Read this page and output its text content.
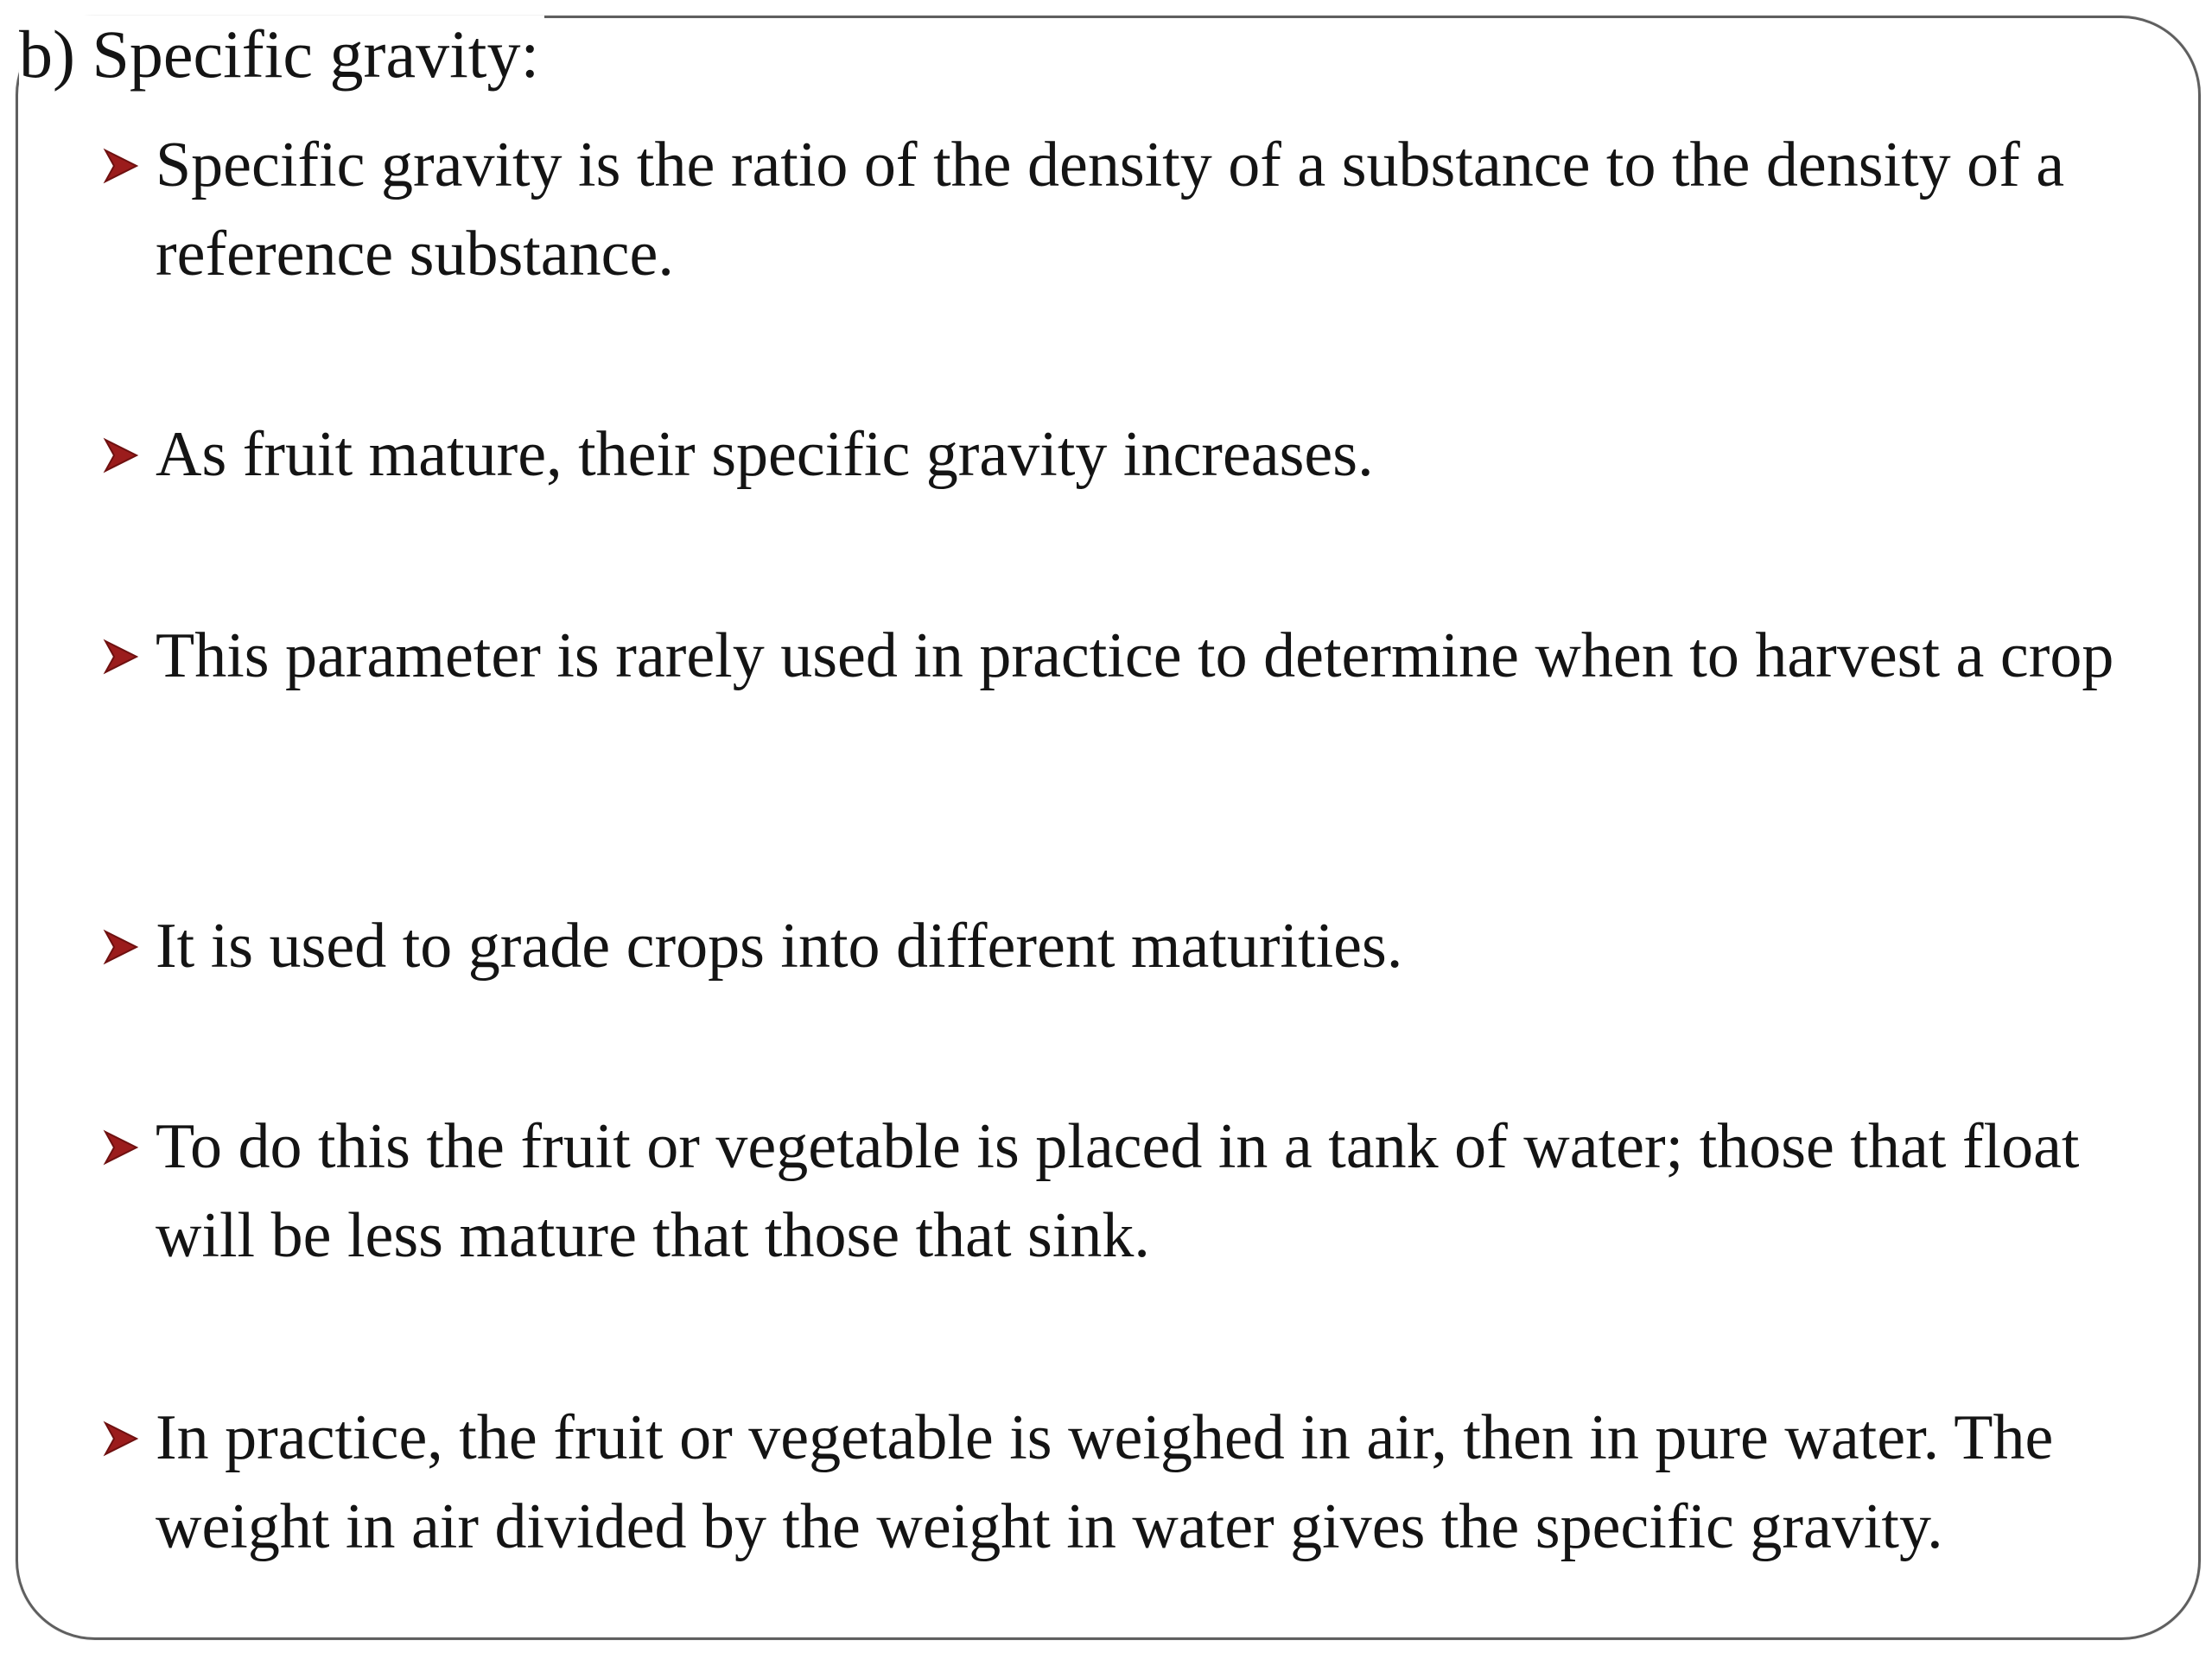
b) Specific gravity:
Specific gravity is the ratio of the density of a substance to the density of a reference substance.
As fruit mature, their specific gravity increases.
This parameter is rarely used in practice to determine when to harvest a crop
It is used to grade crops into different maturities.
To do this the fruit or vegetable is placed in a tank of water; those that float will be less mature that those that sink.
In practice, the fruit or vegetable is weighed in air, then in pure water. The weight in air divided by the weight in water gives the specific gravity.
